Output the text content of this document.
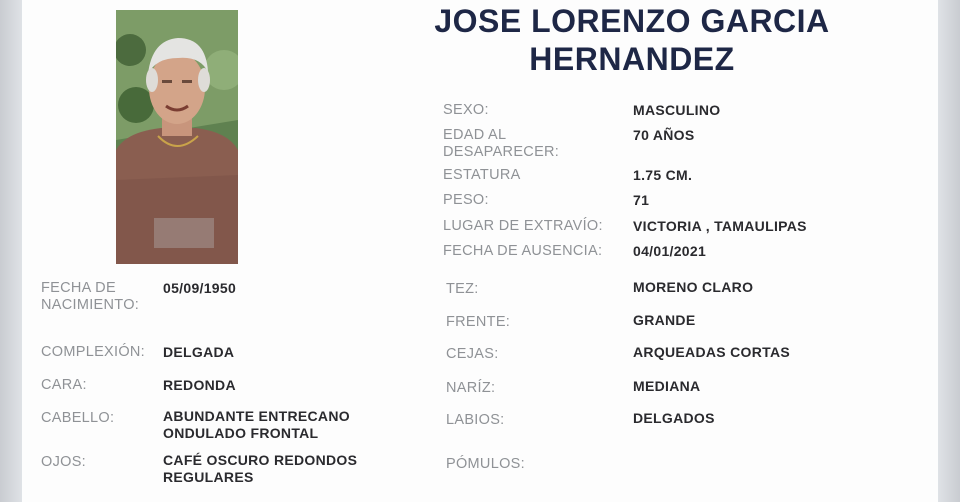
JOSE LORENZO GARCIA
HERNANDEZ
SEXO:	MASCULINO
EDAD AL DESAPARECER:
70 AÑOS
ESTATURA	1.75 CM.
PESO:	71
LUGAR DE EXTRAVÍO: VICTORIA , TAMAULIPAS
FECHA DE AUSENCIA: 04/01/2021
FECHA DE NACIMIENTO:
05/09/1950
COMPLEXIÓN: DELGADA
CARA:	REDONDA
CABELLO:	ABUNDANTE ENTRECANO ONDULADO FRONTAL
OJOS:	CAFÉ OSCURO REDONDOS REGULARES
TEZ:	MORENO CLARO
FRENTE:	GRANDE
CEJAS:	ARQUEADAS CORTAS
NARÍZ:	MEDIANA
LABIOS:	DELGADOS
PÓMULOS:
